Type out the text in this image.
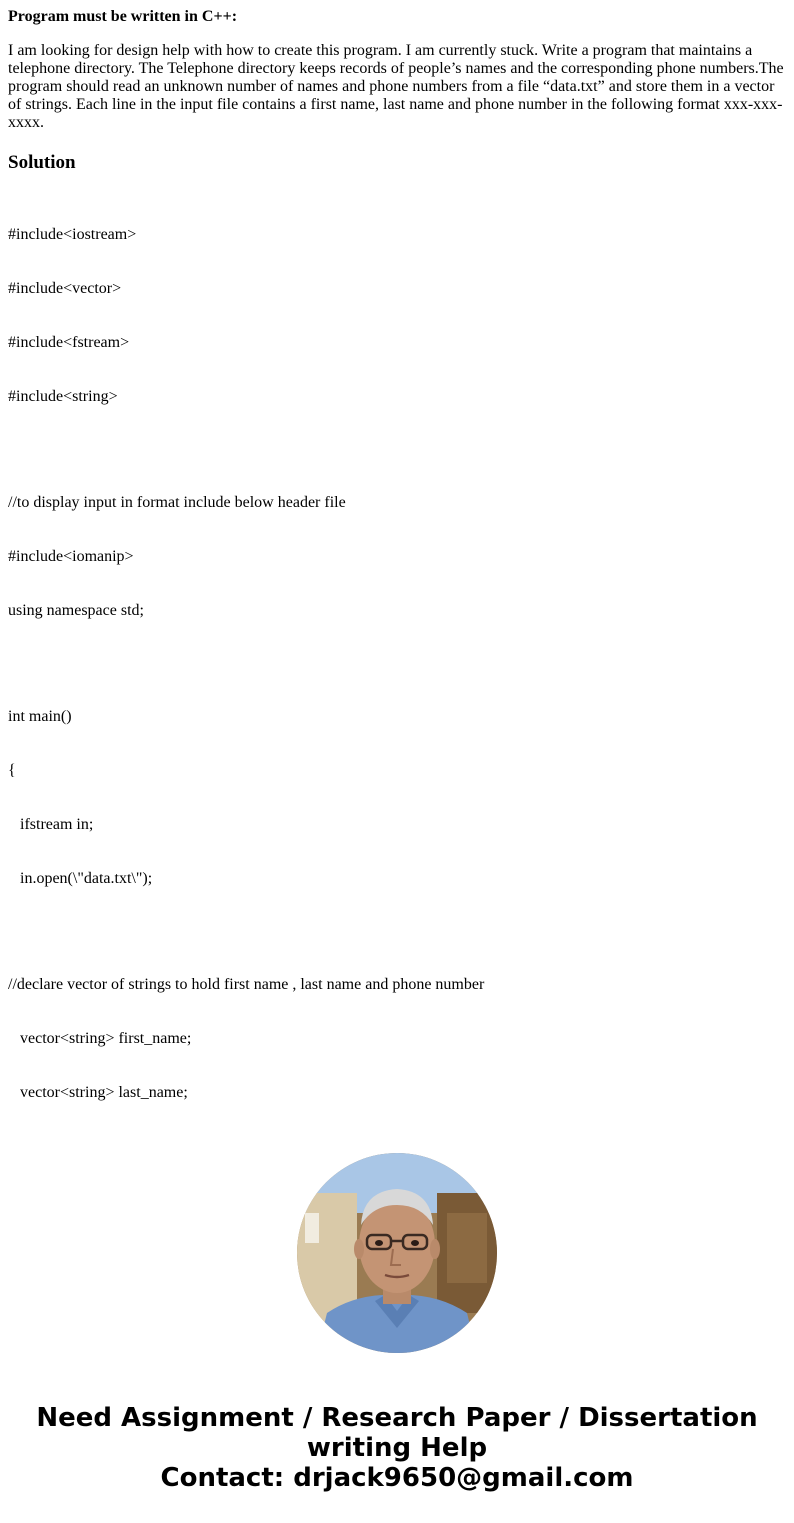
Program must be written in C++:

I am looking for design help with how to create this program. I am currently stuck. Write a program that maintains a telephone directory. The Telephone directory keeps records of people’s names and the corresponding phone numbers.The program should read an unknown number of names and phone numbers from a file “data.txt” and store them in a vector of strings. Each line in the input file contains a first name, last name and phone number in the following format xxx-xxx-xxxx.

Solution

#include<iostream>

#include<vector>

#include<fstream>

#include<string>

//to display input in format include below header file

#include<iomanip>

using namespace std;

int main()

{

ifstream in;

in.open(\"data.txt\");

//declare vector of strings to hold first name , last name and phone number

vector<string> first_name;

vector<string> last_name;

Need Assignment / Research Paper / Dissertation
writing Help
Contact: drjack9650@gmail.com
